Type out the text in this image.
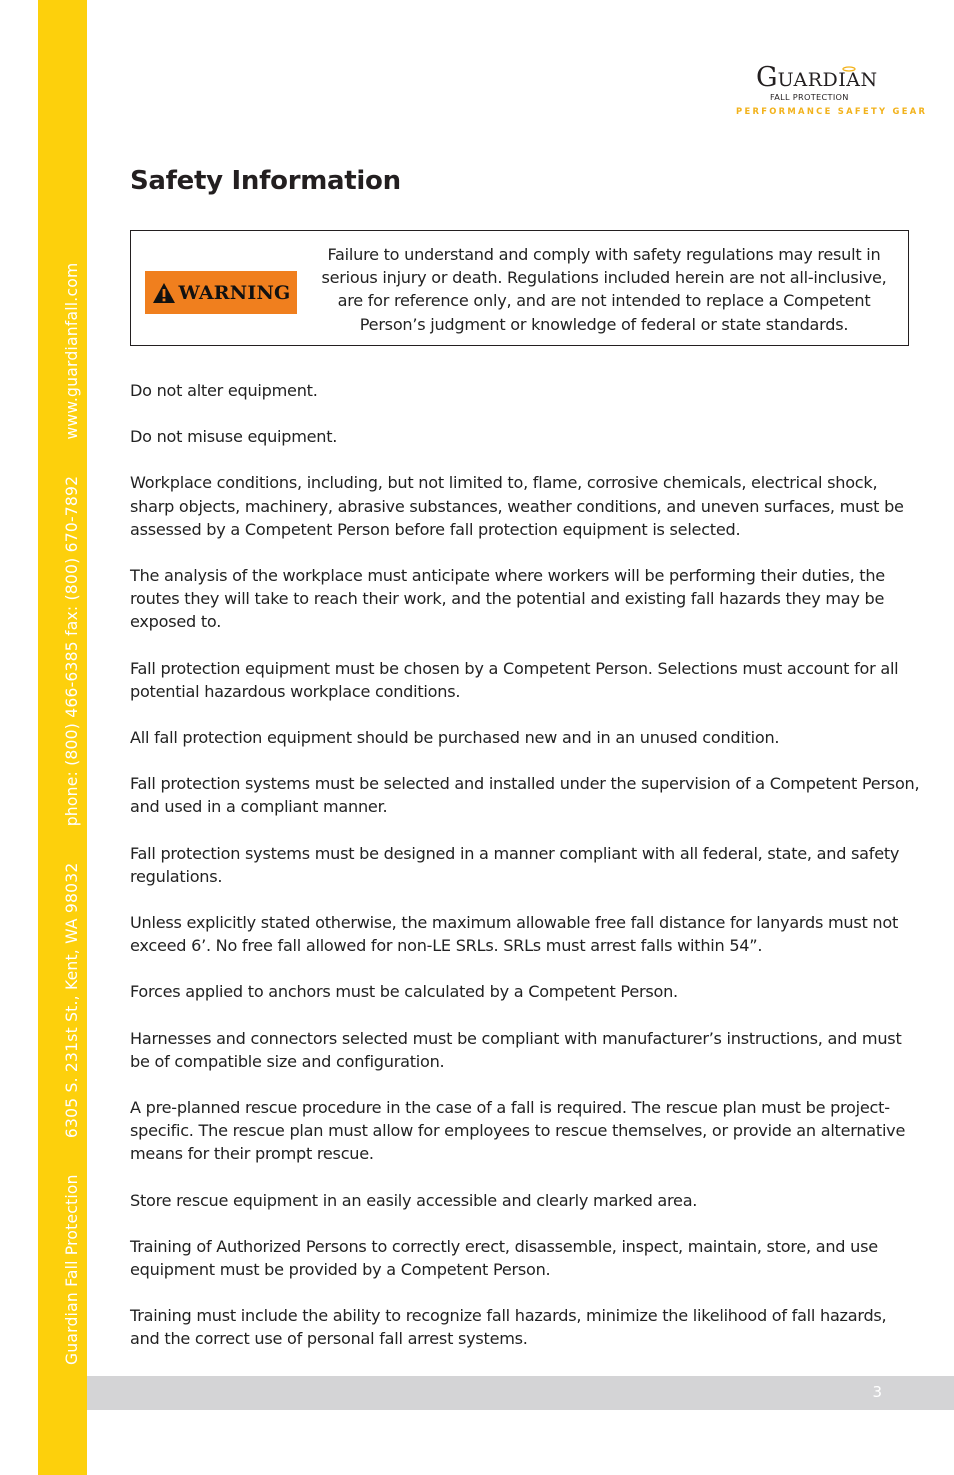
Guardian Fall Protection 6305 S. 231st St., Kent, WA 98032 phone: (800) 466-6385 fax: (800) 670-7892 www.guardianfall.com
GUARDIAN
FALL PROTECTION
PERFORMANCE SAFETY GEAR
Safety Information
WARNING
Failure to understand and comply with safety regulations may result in serious injury or death. Regulations included herein are not all-inclusive, are for reference only, and are not intended to replace a Competent Person’s judgment or knowledge of federal or state standards.

Do not alter equipment.

Do not misuse equipment.

Workplace conditions, including, but not limited to, flame, corrosive chemicals, electrical shock, sharp objects, machinery, abrasive substances, weather conditions, and uneven surfaces, must be assessed by a Competent Person before fall protection equipment is selected.

The analysis of the workplace must anticipate where workers will be performing their duties, the routes they will take to reach their work, and the potential and existing fall hazards they may be exposed to.

Fall protection equipment must be chosen by a Competent Person. Selections must account for all potential hazardous workplace conditions.

All fall protection equipment should be purchased new and in an unused condition.

Fall protection systems must be selected and installed under the supervision of a Competent Person, and used in a compliant manner.

Fall protection systems must be designed in a manner compliant with all federal, state, and safety regulations.

Unless explicitly stated otherwise, the maximum allowable free fall distance for lanyards must not exceed 6’. No free fall allowed for non-LE SRLs. SRLs must arrest falls within 54”.

Forces applied to anchors must be calculated by a Competent Person.

Harnesses and connectors selected must be compliant with manufacturer’s instructions, and must be of compatible size and configuration.

A pre-planned rescue procedure in the case of a fall is required. The rescue plan must be project-specific. The rescue plan must allow for employees to rescue themselves, or provide an alternative means for their prompt rescue.

Store rescue equipment in an easily accessible and clearly marked area.

Training of Authorized Persons to correctly erect, disassemble, inspect, maintain, store, and use equipment must be provided by a Competent Person.

Training must include the ability to recognize fall hazards, minimize the likelihood of fall hazards, and the correct use of personal fall arrest systems.

3
